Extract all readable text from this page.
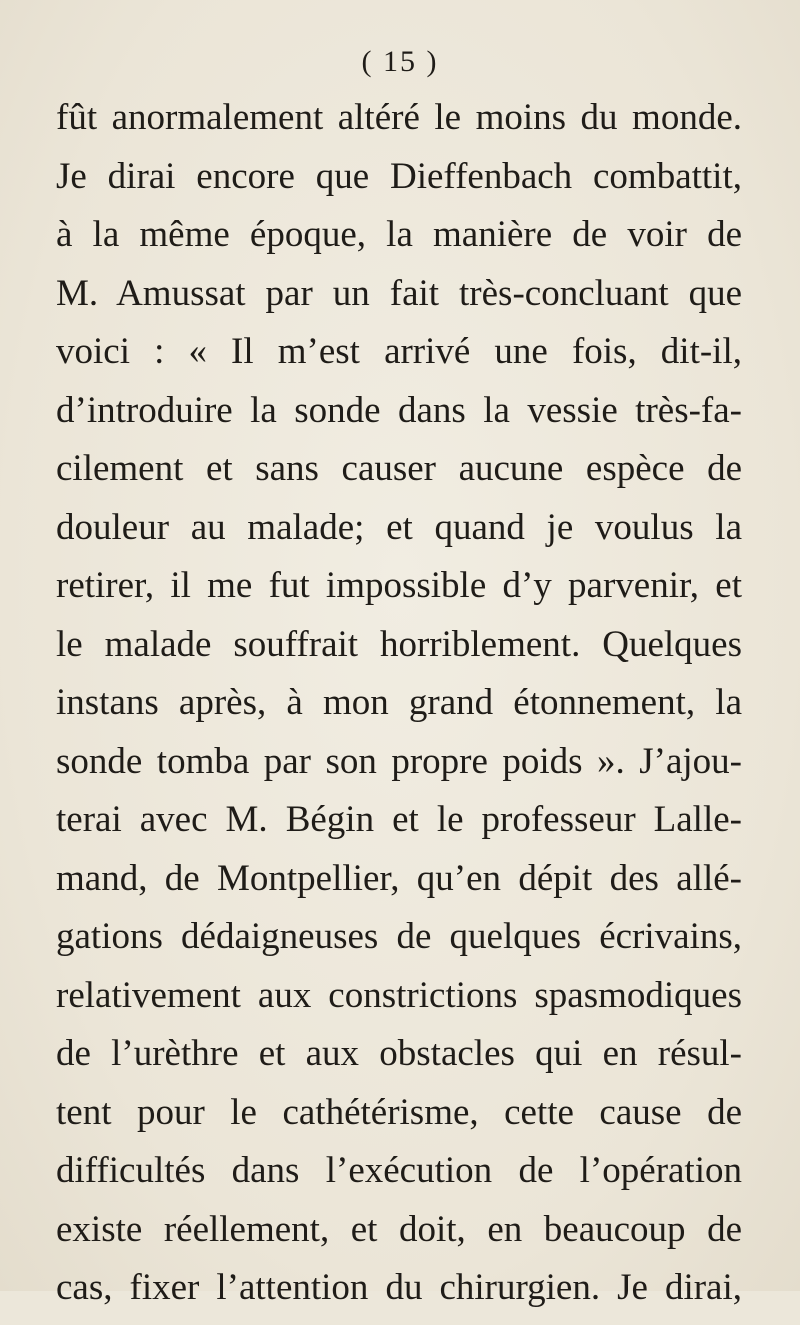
( 15 )
fût anormalement altéré le moins du monde.
Je dirai encore que Dieffenbach combattit,
à la même époque, la manière de voir de
M. Amussat par un fait très-concluant que
voici : « Il m’est arrivé une fois, dit-il,
d’introduire la sonde dans la vessie très-fa-
cilement et sans causer aucune espèce de
douleur au malade; et quand je voulus la
retirer, il me fut impossible d’y parvenir, et
le malade souffrait horriblement. Quelques
instans après, à mon grand étonnement, la
sonde tomba par son propre poids ». J’ajou-
terai avec M. Bégin et le professeur Lalle-
mand, de Montpellier, qu’en dépit des allé-
gations dédaigneuses de quelques écrivains,
relativement aux constrictions spasmodiques
de l’urèthre et aux obstacles qui en résul-
tent pour le cathétérisme, cette cause de
difficultés dans l’exécution de l’opération
existe réellement, et doit, en beaucoup de
cas, fixer l’attention du chirurgien. Je dirai,
